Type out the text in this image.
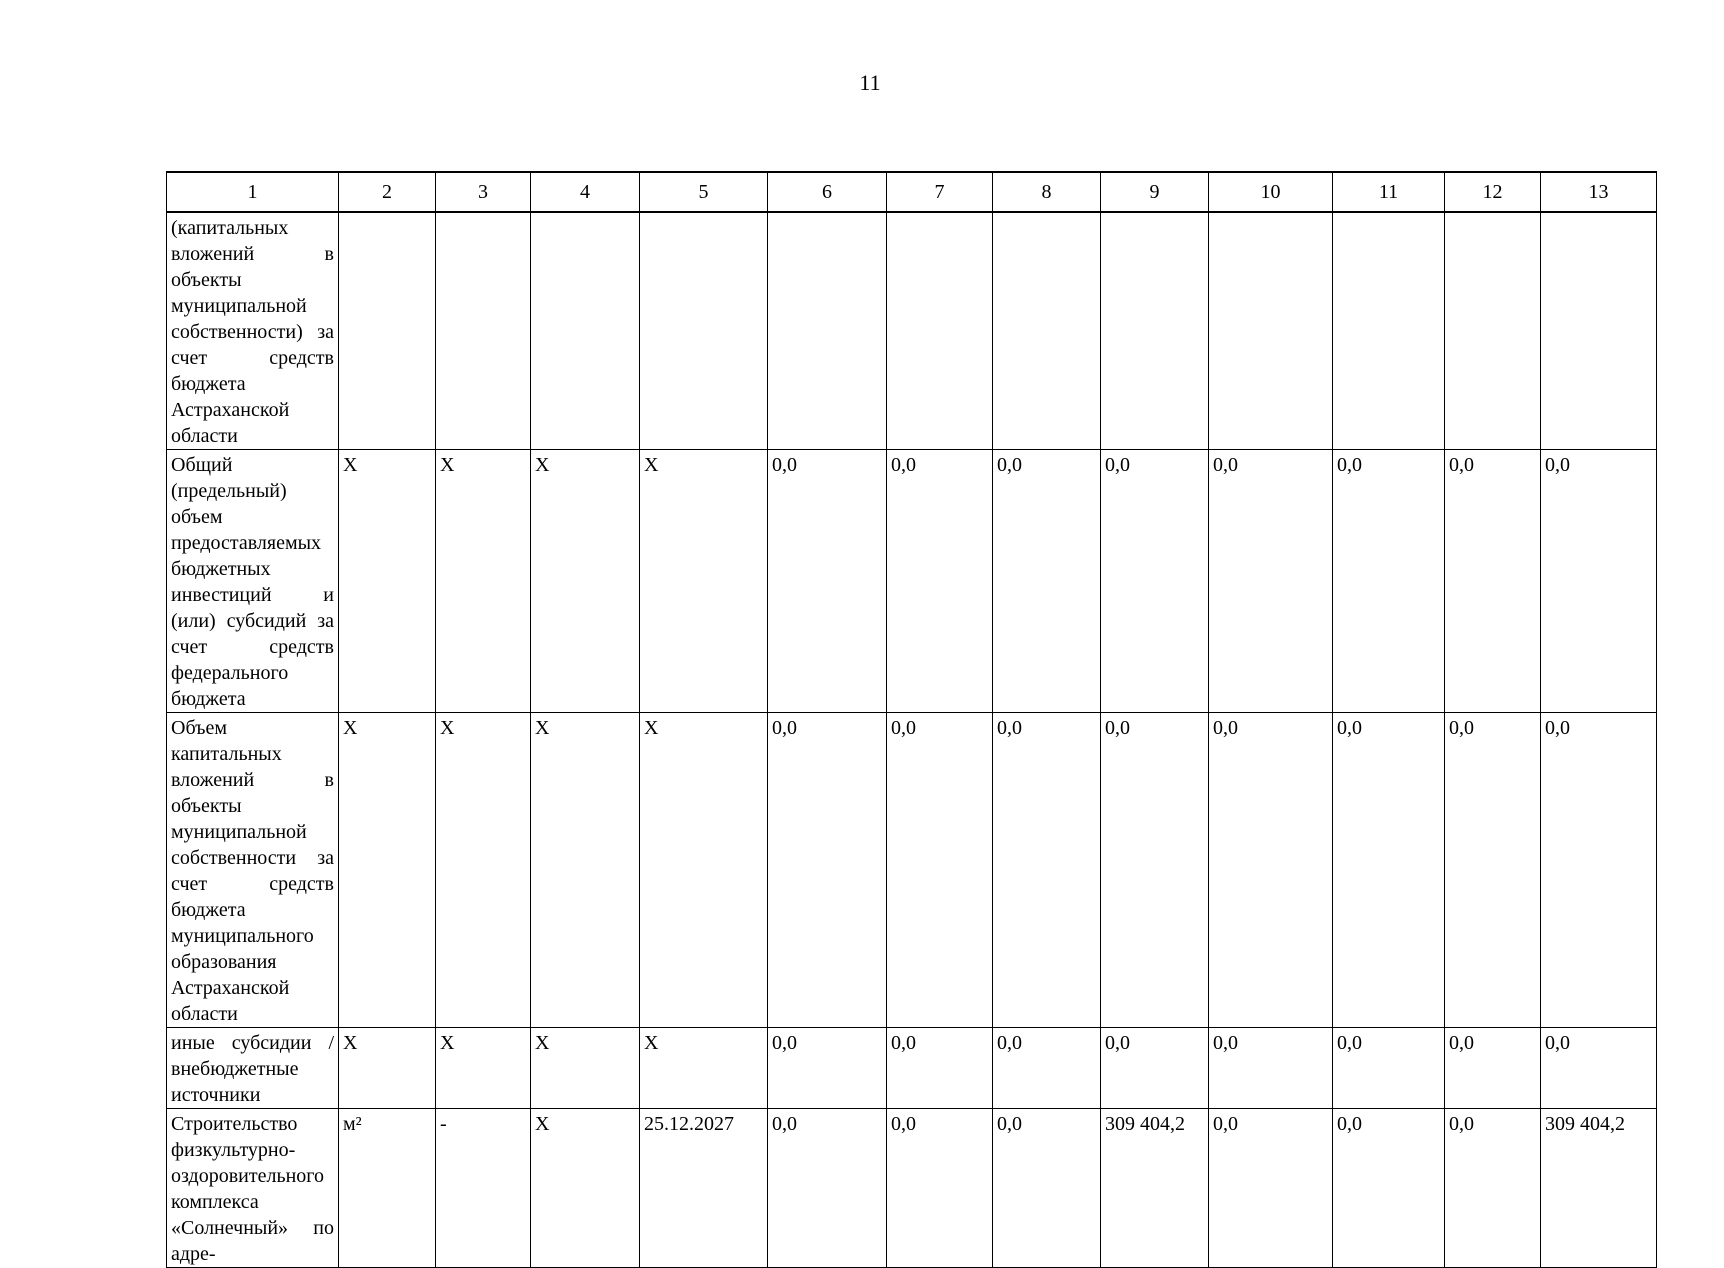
11
1	2	3	4	5	6	7	8	9	10	11	12	13
(капитальных вложений в объекты муниципальной собственности) за счет средств бюджета Астраханской области												
Общий (предельный) объем предоставляемых бюджетных инвестиций и (или) субсидий за счет средств федерального бюджета	Х	Х	Х	Х	0,0	0,0	0,0	0,0	0,0	0,0	0,0	0,0
Объем капитальных вложений в объекты муниципальной собственности за счет средств бюджета муниципального образования Астраханской области	Х	Х	Х	Х	0,0	0,0	0,0	0,0	0,0	0,0	0,0	0,0
иные субсидии / внебюджетные источники	Х	Х	Х	Х	0,0	0,0	0,0	0,0	0,0	0,0	0,0	0,0
Строительство физкультурно-оздоровительного комплекса «Солнечный» по адре-	м²	-	Х	25.12.2027	0,0	0,0	0,0	309 404,2	0,0	0,0	0,0	309 404,2
